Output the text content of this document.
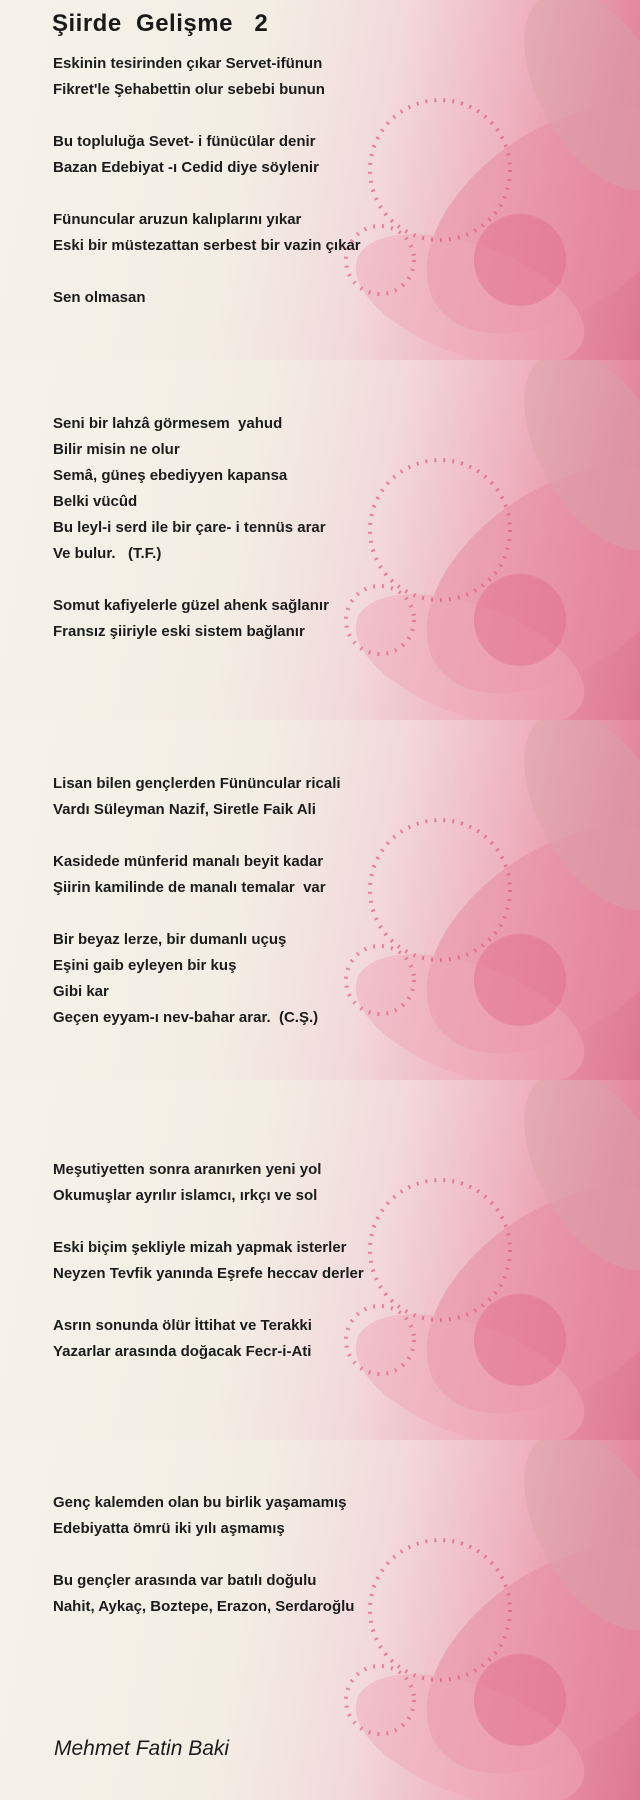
Şiirde  Gelişme   2
Eskinin tesirinden çıkar Servet-ifünun
Fikret'le Şehabettin olur sebebi bunun
Bu topluluğa Sevet- i fünücülar denir
Bazan Edebiyat -ı Cedid diye söylenir
Fünuncular aruzun kalıplarını yıkar
Eski bir müstezattan serbest bir vazin çıkar
Sen olmasan
Seni bir lahzâ görmesem  yahud
Bilir misin ne olur
Semâ, güneş ebediyyen kapansa
Belki vücûd
Bu leyl-i serd ile bir çare- i tennüs arar
Ve bulur.   (T.F.)
Somut kafiyelerle güzel ahenk sağlanır
Fransız şiiriyle eski sistem bağlanır
Lisan bilen gençlerden Fününcular ricali
Vardı Süleyman Nazif, Siretle Faik Ali
Kasidede münferid manalı beyit kadar
Şiirin kamilinde de manalı temalar  var
Bir beyaz lerze, bir dumanlı uçuş
Eşini gaib eyleyen bir kuş
Gibi kar
Geçen eyyam-ı nev-bahar arar.  (C.Ş.)
Meşutiyetten sonra aranırken yeni yol
Okumuşlar ayrılır islamcı, ırkçı ve sol
Eski biçim şekliyle mizah yapmak isterler
Neyzen Tevfik yanında Eşrefe heccav derler
Asrın sonunda ölür İttihat ve Terakki
Yazarlar arasında doğacak Fecr-i-Ati
Genç kalemden olan bu birlik yaşamamış
Edebiyatta ömrü iki yılı aşmamış
Bu gençler arasında var batılı doğulu
Nahit, Aykaç, Boztepe, Erazon, Serdaroğlu
Mehmet Fatin Baki
